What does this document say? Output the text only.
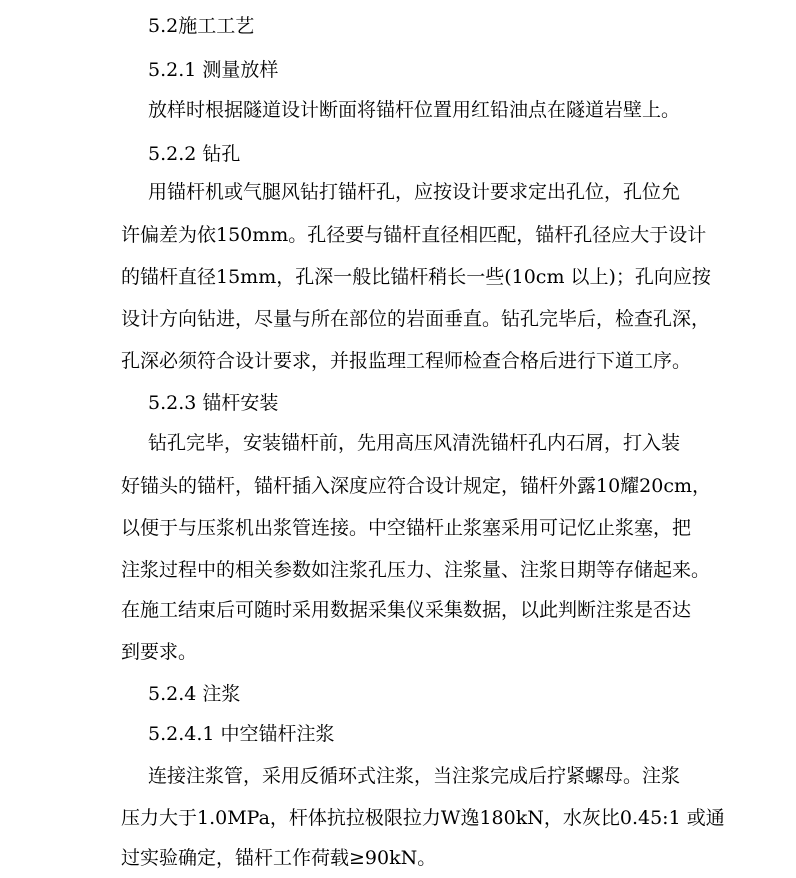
5.2施工工艺
5.2.1 测量放样
放样时根据隧道设计断面将锚杆位置用红铅油点在隧道岩壁上。
5.2.2 钻孔
用锚杆机或气腿风钻打锚杆孔，应按设计要求定出孔位，孔位允
许偏差为依150mm。孔径要与锚杆直径相匹配，锚杆孔径应大于设计
的锚杆直径15mm，孔深一般比锚杆稍长一些(10cm 以上)；孔向应按
设计方向钻进，尽量与所在部位的岩面垂直。钻孔完毕后，检查孔深，
孔深必须符合设计要求，并报监理工程师检查合格后进行下道工序。
5.2.3 锚杆安装
钻孔完毕，安装锚杆前，先用高压风清洗锚杆孔内石屑，打入装
好锚头的锚杆，锚杆插入深度应符合设计规定，锚杆外露10耀20cm，
以便于与压浆机出浆管连接。中空锚杆止浆塞采用可记忆止浆塞，把
注浆过程中的相关参数如注浆孔压力、注浆量、注浆日期等存储起来。
在施工结束后可随时采用数据采集仪采集数据，以此判断注浆是否达
到要求。
5.2.4 注浆
5.2.4.1 中空锚杆注浆
连接注浆管，采用反循环式注浆，当注浆完成后拧紧螺母。注浆
压力大于1.0MPa，杆体抗拉极限拉力W逸180kN，水灰比0.45:1 或通
过实验确定，锚杆工作荷载≥90kN。
